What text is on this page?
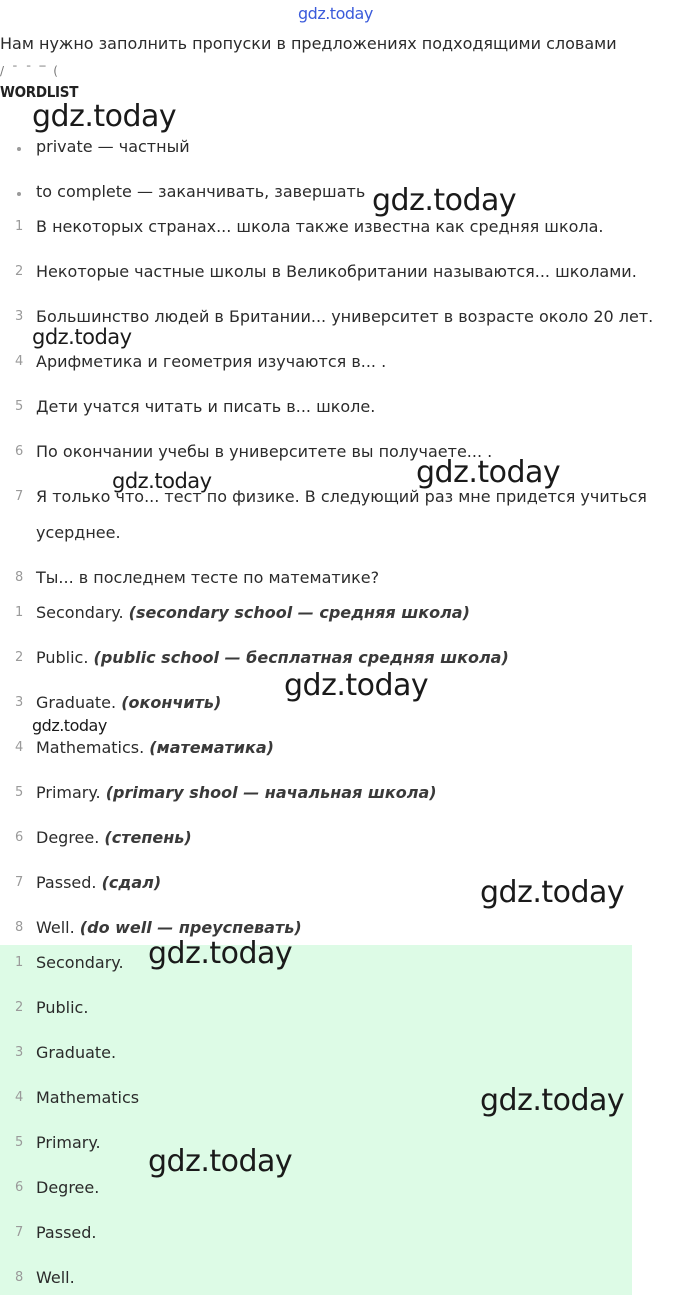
gdz.today
Нам нужно заполнить пропуски в предложениях подходящими словами
/ ¯ ¯ ‾ (
WORDLIST
private — частный
to complete — заканчивать, завершать
1 В некоторых странах... школа также известна как средняя школа.
2 Некоторые частные школы в Великобритании называются... школами.
3 Большинство людей в Британии... университет в возрасте около 20 лет.
4 Арифметика и геометрия изучаются в... .
5 Дети учатся читать и писать в... школе.
6 По окончании учебы в университете вы получаете... .
7 Я только что... тест по физике. В следующий раз мне придется учиться
усерднее.
8 Ты... в последнем тесте по математике?
1 Secondary. (secondary school — средняя школа)
2 Public. (public school — бесплатная средняя школа)
3 Graduate. (окончить)
4 Mathematics. (математика)
5 Primary. (primary shool — начальная школа)
6 Degree. (степень)
7 Passed. (сдал)
8 Well. (do well — преуспевать)
1 Secondary.
2 Public.
3 Graduate.
4 Mathematics
5 Primary.
6 Degree.
7 Passed.
8 Well.
gdz.today
gdz.today
gdz.today
gdz.today	gdz.today
gdz.today
gdz.today
gdz.today
gdz.today
gdz.today
gdz.today
